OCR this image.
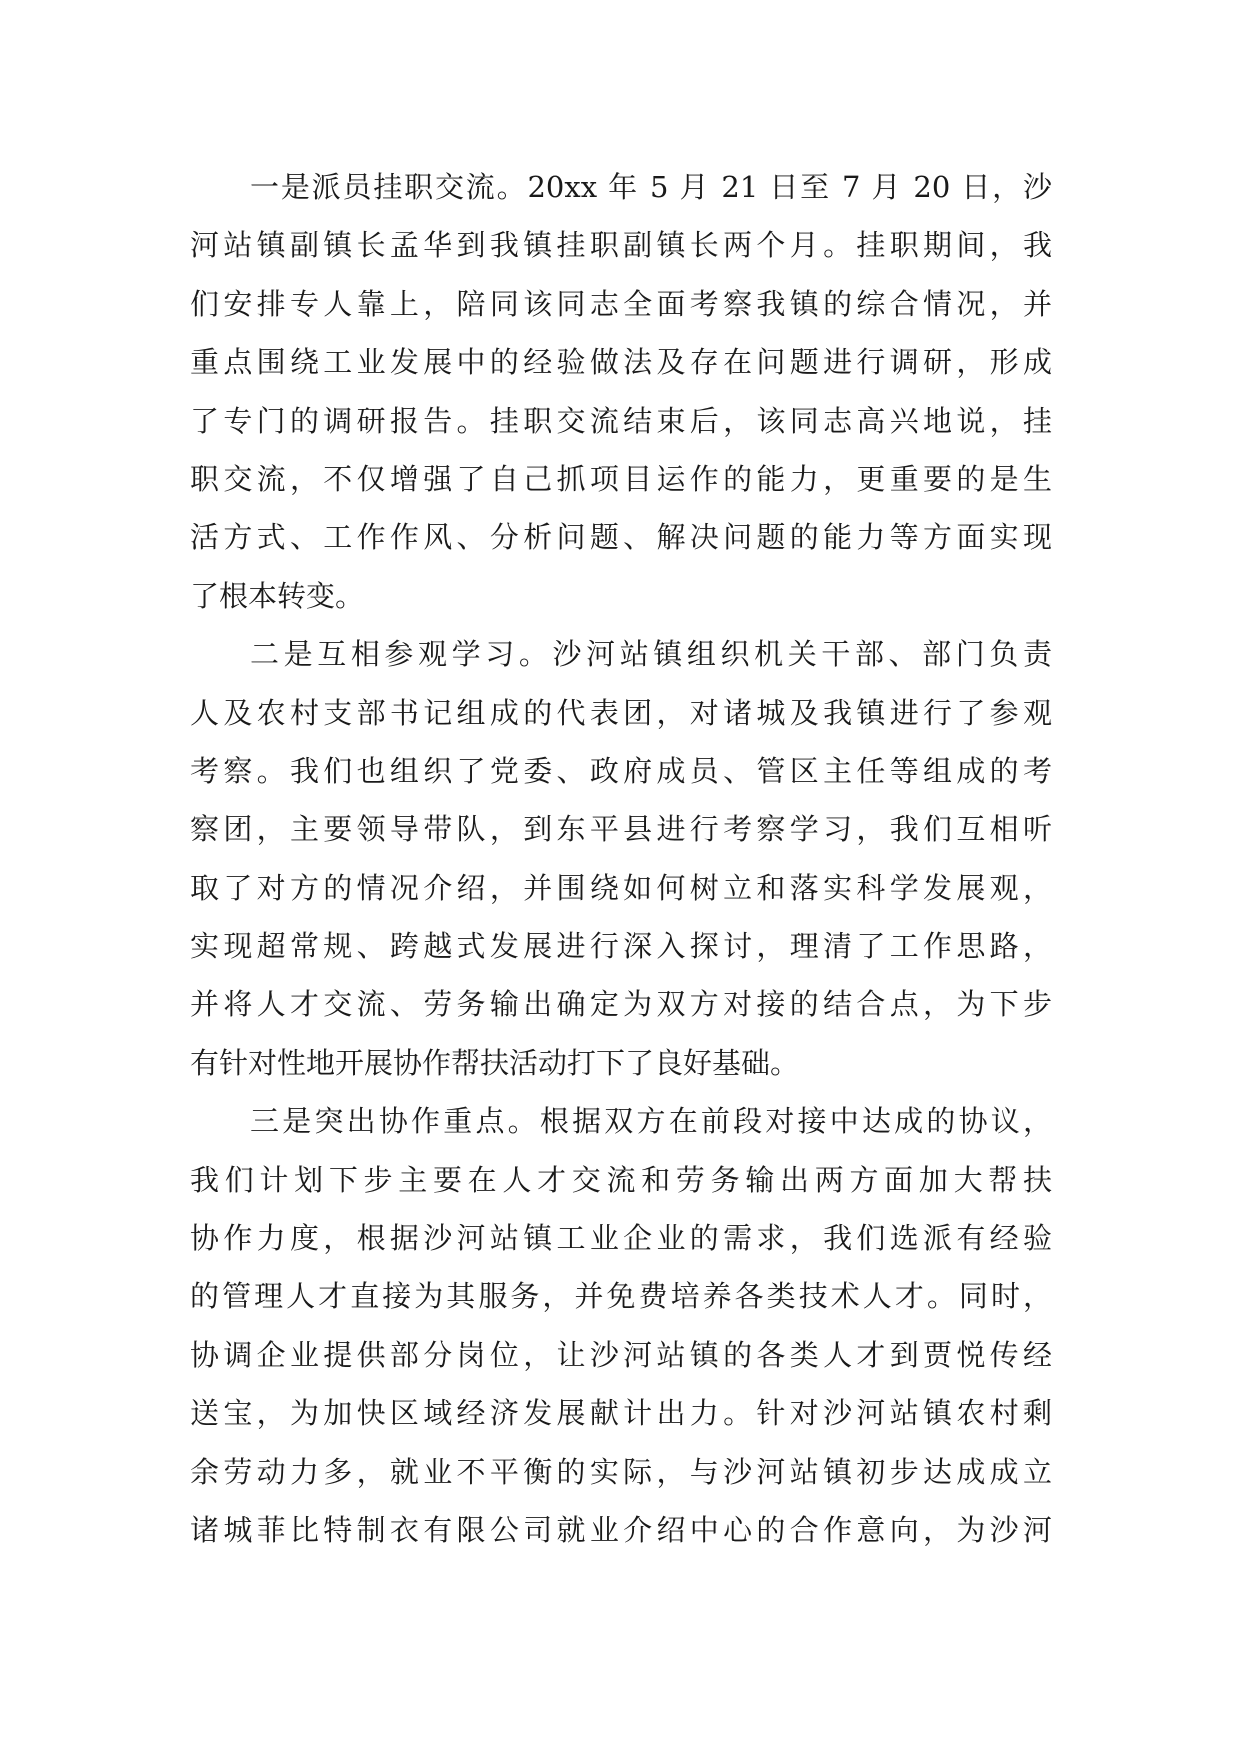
一是派员挂职交流。20xx 年 5 月 21 日至 7 月 20 日，沙
河站镇副镇长孟华到我镇挂职副镇长两个月。挂职期间，我
们安排专人靠上，陪同该同志全面考察我镇的综合情况，并
重点围绕工业发展中的经验做法及存在问题进行调研，形成
了专门的调研报告。挂职交流结束后，该同志高兴地说，挂
职交流，不仅增强了自己抓项目运作的能力，更重要的是生
活方式、工作作风、分析问题、解决问题的能力等方面实现
了根本转变。
二是互相参观学习。沙河站镇组织机关干部、部门负责
人及农村支部书记组成的代表团，对诸城及我镇进行了参观
考察。我们也组织了党委、政府成员、管区主任等组成的考
察团，主要领导带队，到东平县进行考察学习，我们互相听
取了对方的情况介绍，并围绕如何树立和落实科学发展观，
实现超常规、跨越式发展进行深入探讨，理清了工作思路，
并将人才交流、劳务输出确定为双方对接的结合点，为下步
有针对性地开展协作帮扶活动打下了良好基础。
三是突出协作重点。根据双方在前段对接中达成的协议，
我们计划下步主要在人才交流和劳务输出两方面加大帮扶
协作力度，根据沙河站镇工业企业的需求，我们选派有经验
的管理人才直接为其服务，并免费培养各类技术人才。同时，
协调企业提供部分岗位，让沙河站镇的各类人才到贾悦传经
送宝，为加快区域经济发展献计出力。针对沙河站镇农村剩
余劳动力多，就业不平衡的实际，与沙河站镇初步达成成立
诸城菲比特制衣有限公司就业介绍中心的合作意向，为沙河
